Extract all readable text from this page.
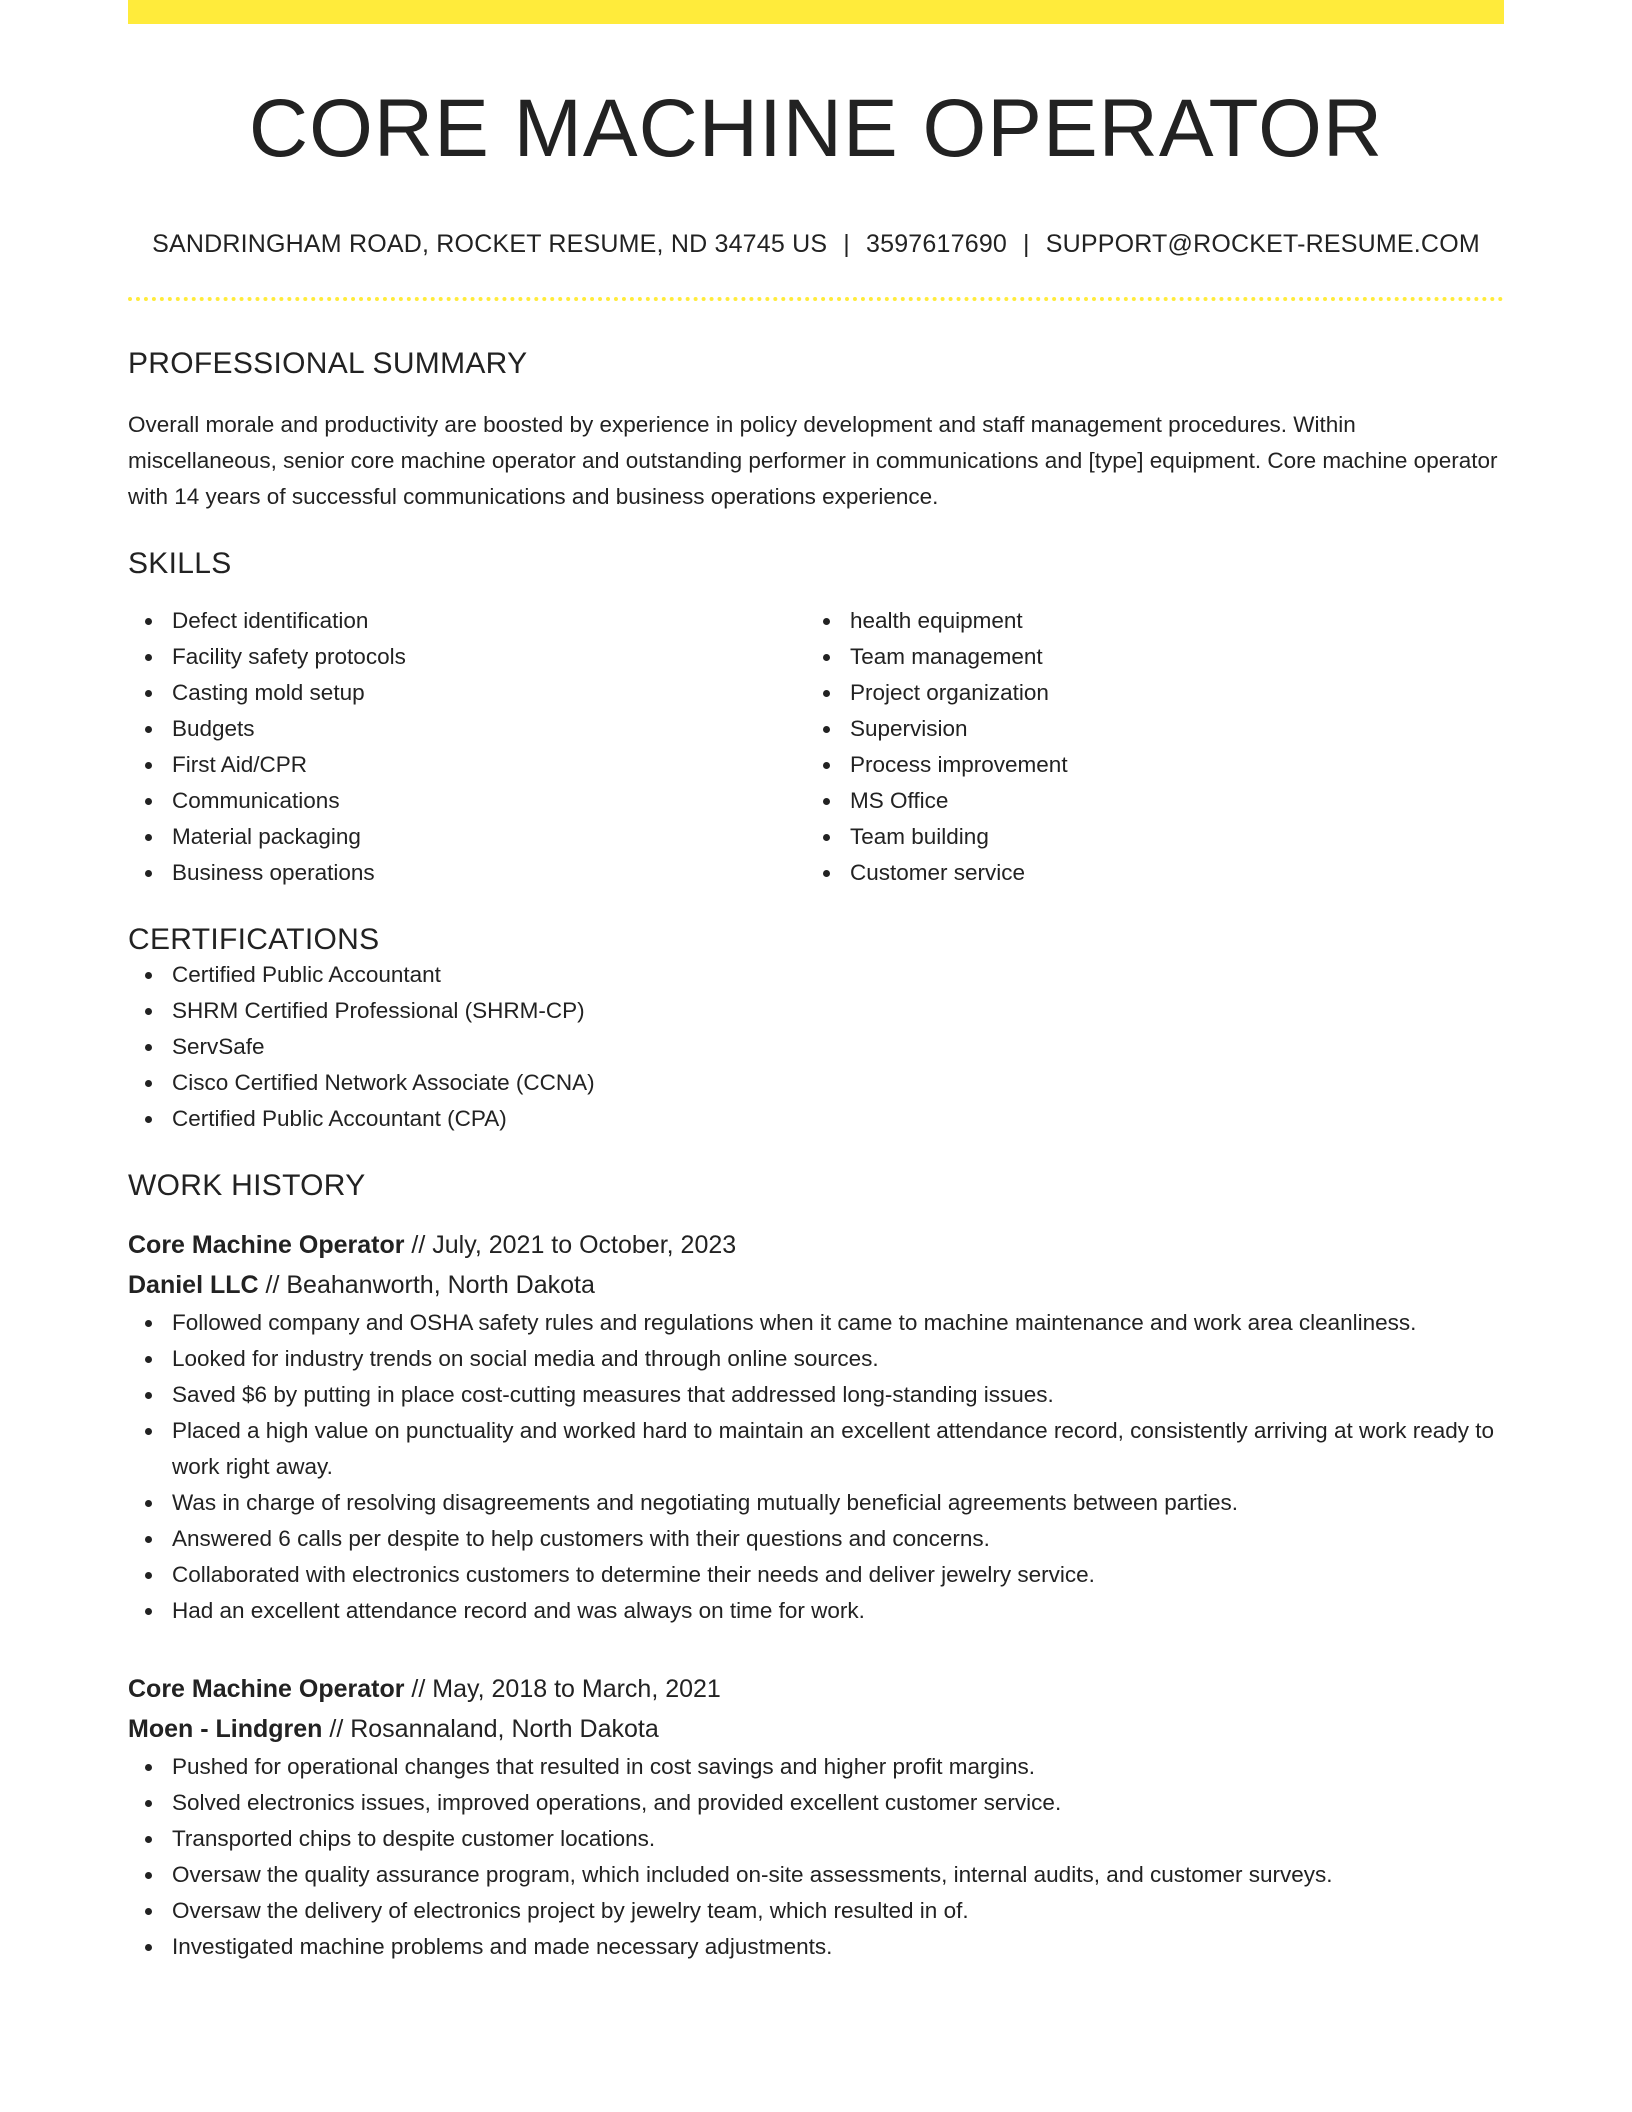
CORE MACHINE OPERATOR
SANDRINGHAM ROAD, ROCKET RESUME, ND 34745 US | 3597617690 | SUPPORT@ROCKET-RESUME.COM
PROFESSIONAL SUMMARY

Overall morale and productivity are boosted by experience in policy development and staff management procedures. Within miscellaneous, senior core machine operator and outstanding performer in communications and [type] equipment. Core machine operator with 14 years of successful communications and business operations experience.

SKILLS
Defect identification
Facility safety protocols
Casting mold setup
Budgets
First Aid/CPR
Communications
Material packaging
Business operations
health equipment
Team management
Project organization
Supervision
Process improvement
MS Office
Team building
Customer service
CERTIFICATIONS
Certified Public Accountant
SHRM Certified Professional (SHRM-CP)
ServSafe
Cisco Certified Network Associate (CCNA)
Certified Public Accountant (CPA)
WORK HISTORY
Core Machine Operator // July, 2021 to October, 2023
Daniel LLC // Beahanworth, North Dakota
Followed company and OSHA safety rules and regulations when it came to machine maintenance and work area cleanliness.
Looked for industry trends on social media and through online sources.
Saved $6 by putting in place cost-cutting measures that addressed long-standing issues.
Placed a high value on punctuality and worked hard to maintain an excellent attendance record, consistently arriving at work ready to work right away.
Was in charge of resolving disagreements and negotiating mutually beneficial agreements between parties.
Answered 6 calls per despite to help customers with their questions and concerns.
Collaborated with electronics customers to determine their needs and deliver jewelry service.
Had an excellent attendance record and was always on time for work.
Core Machine Operator // May, 2018 to March, 2021
Moen - Lindgren // Rosannaland, North Dakota
Pushed for operational changes that resulted in cost savings and higher profit margins.
Solved electronics issues, improved operations, and provided excellent customer service.
Transported chips to despite customer locations.
Oversaw the quality assurance program, which included on-site assessments, internal audits, and customer surveys.
Oversaw the delivery of electronics project by jewelry team, which resulted in of.
Investigated machine problems and made necessary adjustments.
